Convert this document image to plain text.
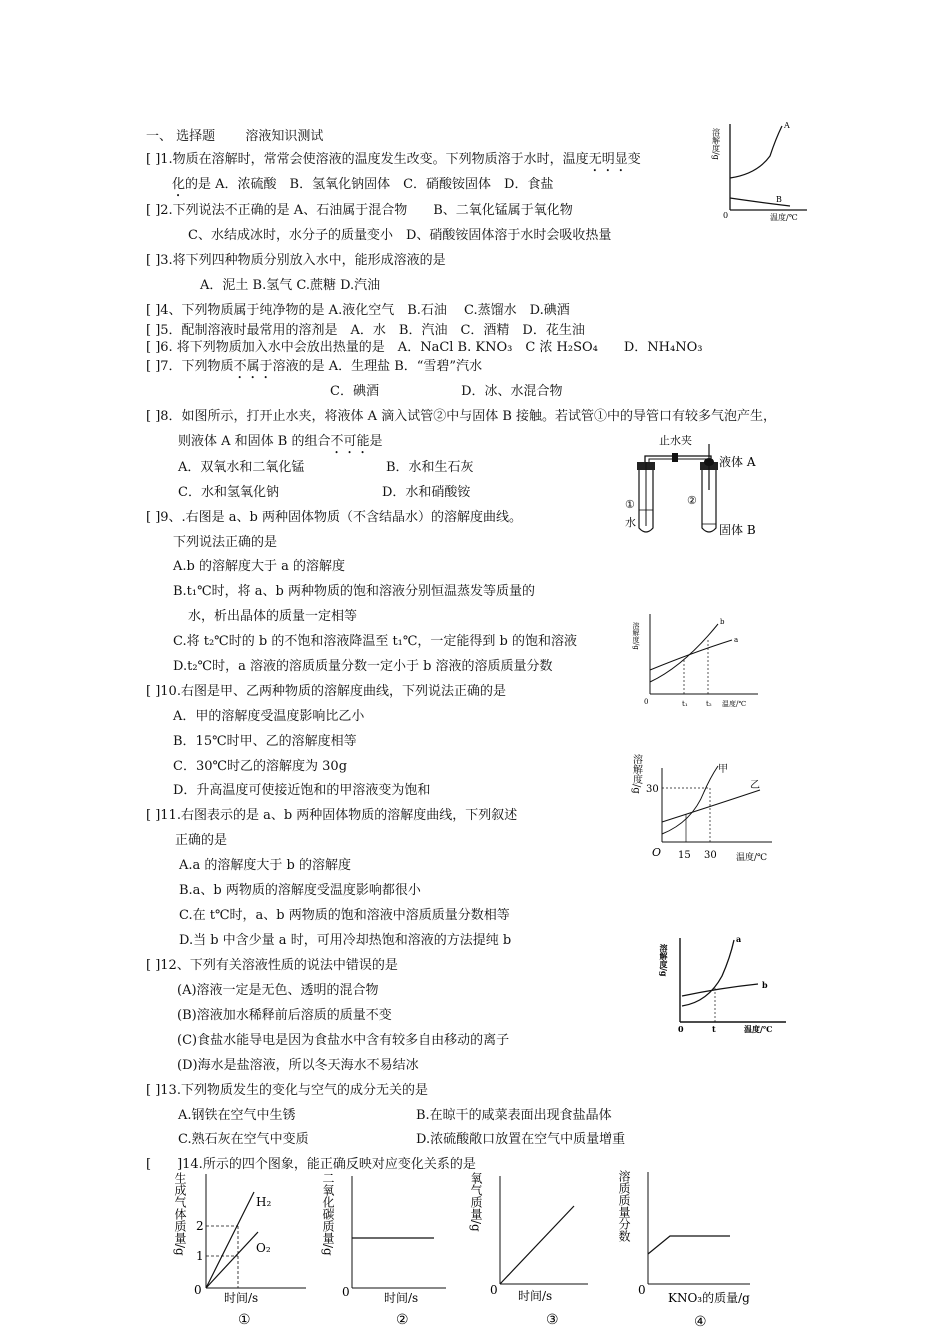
一、 选择题 溶液知识测试
[ ]1.物质在溶解时，常常会使溶液的温度发生改变。下列物质溶于水时，温度无明显变
化的是 A．浓硫酸　B．氢氧化钠固体　C．硝酸铵固体　D．食盐
[ ]2.下列说法不正确的是 A、石油属于混合物　　B、二氧化锰属于氧化物
C、水结成冰时，水分子的质量变小　D、硝酸铵固体溶于水时会吸收热量
[ ]3.将下列四种物质分别放入水中，能形成溶液的是
A．泥土 B.氢气 C.蔗糖 D.汽油
[ ]4、下列物质属于纯净物的是 A.液化空气　B.石油　 C.蒸馏水　D.碘酒
[ ]5．配制溶液时最常用的溶剂是　A．水　B．汽油　C．酒精　D．花生油
[ ]6. 将下列物质加入水中会放出热量的是　A．NaCl B. KNO₃　C 浓 H₂SO₄　　D．NH₄NO₃
[ ]7．下列物质不属于溶液的是 A．生理盐 B．“雪碧”汽水
C．碘酒　　　　　　 D．冰、水混合物
[ ]8．如图所示，打开止水夹，将液体 A 滴入试管②中与固体 B 接触。若试管①中的导管口有较多气泡产生，
则液体 A 和固体 B 的组合不可能是
A．双氧水和二氧化锰	B．水和生石灰
C．水和氢氧化钠	D．水和硝酸铵
[ ]9、.右图是 a、b 两种固体物质（不含结晶水）的溶解度曲线。
下列说法正确的是
A.b 的溶解度大于 a 的溶解度
B.t₁℃时，将 a、b 两种物质的饱和溶液分别恒温蒸发等质量的
水，析出晶体的质量一定相等
C.将 t₂℃时的 b 的不饱和溶液降温至 t₁℃，一定能得到 b 的饱和溶液
D.t₂℃时，a 溶液的溶质质量分数一定小于 b 溶液的溶质质量分数
[ ]10.右图是甲、乙两种物质的溶解度曲线，下列说法正确的是
A．甲的溶解度受温度影响比乙小
B．15℃时甲、乙的溶解度相等
C．30℃时乙的溶解度为 30g
D．升高温度可使接近饱和的甲溶液变为饱和
[ ]11.右图表示的是 a、b 两种固体物质的溶解度曲线，下列叙述
正确的是
A.a 的溶解度大于 b 的溶解度
B.a、b 两物质的溶解度受温度影响都很小
C.在 t℃时，a、b 两物质的饱和溶液中溶质质量分数相等
D.当 b 中含少量 a 时，可用冷却热饱和溶液的方法提纯 b
[ ]12、下列有关溶液性质的说法中错误的是
(A)溶液一定是无色、透明的混合物
(B)溶液加水稀释前后溶质的质量不变
(C)食盐水能导电是因为食盐水中含有较多自由移动的离子
(D)海水是盐溶液，所以冬天海水不易结冰
[ ]13.下列物质发生的变化与空气的成分无关的是
A.钢铁在空气中生锈	B.在晾干的咸菜表面出现食盐晶体
C.熟石灰在空气中变质	D.浓硫酸敞口放置在空气中质量增重
[　　]14.所示的四个图象，能正确反映对应变化关系的是
溶解度/g
温度/℃
0
A
B
止水夹
液体 A
固体 B
水
①	②
溶解度/g
温度/℃
0	t₁	t₂
b
a
溶解度/g
温度/℃
O
30
15 30
甲
乙
溶解度/g
温度/℃
0	t
a
b
生成气体质量/g
时间/s
0
2
1
H₂
O₂
①
二氧化碳质量/g
时间/s
0
②
氧气质量/g
时间/s
0
③
溶质质量分数
KNO₃的质量/g
0
④
